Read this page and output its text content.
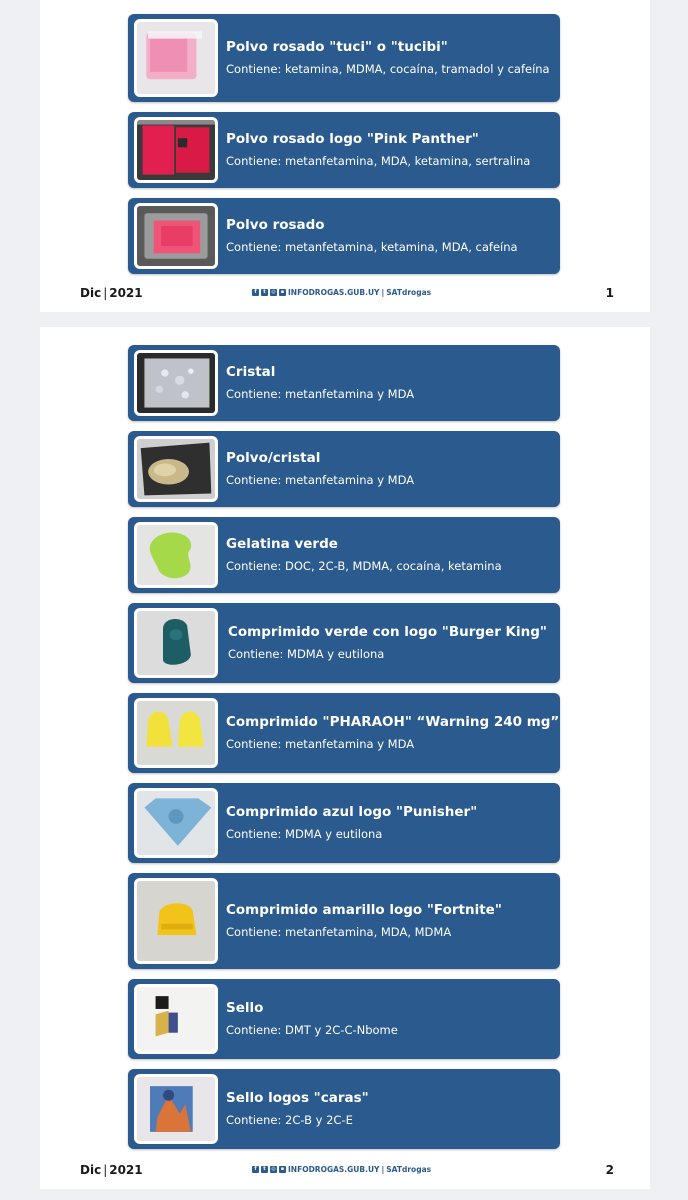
Polvo rosado "tuci" o "tucibi"
Contiene: ketamina, MDMA, cocaína, tramadol y cafeína
Polvo rosado logo "Pink Panther"
Contiene: metanfetamina, MDA, ketamina, sertralina
Polvo rosado
Contiene: metanfetamina, ketamina, MDA, cafeína
Dic | 2021	f	t	◎	▪ INFODROGAS.GUB.UY | SATdrogas	1
Cristal
Contiene: metanfetamina y MDA
Polvo/cristal
Contiene: metanfetamina y MDA
Gelatina verde
Contiene: DOC, 2C-B, MDMA, cocaína, ketamina
Comprimido verde con logo "Burger King"
Contiene: MDMA y eutilona
Comprimido "PHARAOH" “Warning 240 mg”
Contiene: metanfetamina y MDA
Comprimido azul logo "Punisher"
Contiene: MDMA y eutilona
Comprimido amarillo logo "Fortnite"
Contiene: metanfetamina, MDA, MDMA
Sello
Contiene: DMT y 2C-C-Nbome
Sello logos "caras"
Contiene: 2C-B y 2C-E
Dic | 2021	f	t	◎	▪ INFODROGAS.GUB.UY | SATdrogas	2
